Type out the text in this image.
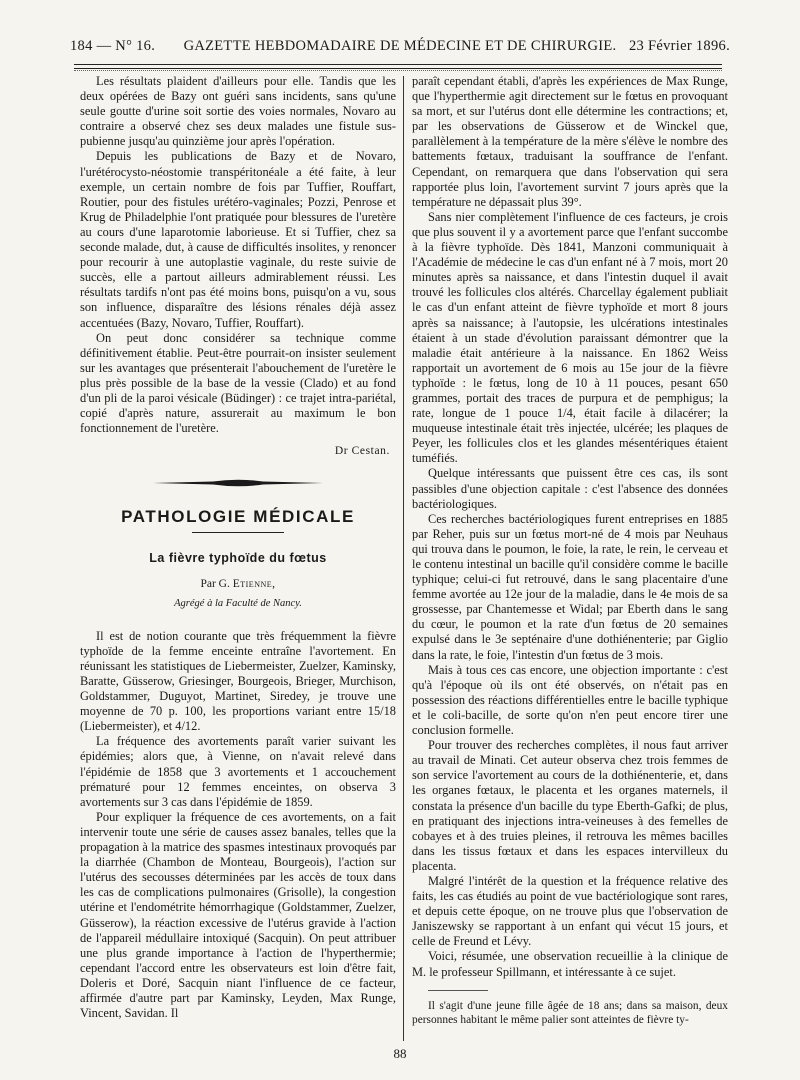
184 — N° 16.	GAZETTE HEBDOMADAIRE DE MÉDECINE ET DE CHIRURGIE. 23 Février 1896.

Les résultats plaident d'ailleurs pour elle. Tandis que les deux opérées de Bazy ont guéri sans incidents, sans qu'une seule goutte d'urine soit sortie des voies normales, Novaro au contraire a observé chez ses deux malades une fistule sus-pubienne jusqu'au quinzième jour après l'opération.

Depuis les publications de Bazy et de Novaro, l'urétérocysto-néostomie transpéritonéale a été faite, à leur exemple, un certain nombre de fois par Tuffier, Rouffart, Routier, pour des fistules urétéro-vaginales; Pozzi, Penrose et Krug de Philadelphie l'ont pratiquée pour blessures de l'uretère au cours d'une laparotomie laborieuse. Et si Tuffier, chez sa seconde malade, dut, à cause de difficultés insolites, y renoncer pour recourir à une autoplastie vaginale, du reste suivie de succès, elle a partout ailleurs admirablement réussi. Les résultats tardifs n'ont pas été moins bons, puisqu'on a vu, sous son influence, disparaître des lésions rénales déjà assez accentuées (Bazy, Novaro, Tuffier, Rouffart).

On peut donc considérer sa technique comme définitivement établie. Peut-être pourrait-on insister seulement sur les avantages que présenterait l'abouchement de l'uretère le plus près possible de la base de la vessie (Clado) et au fond d'un pli de la paroi vésicale (Büdinger) : ce trajet intra-pariétal, copié d'après nature, assurerait au maximum le bon fonctionnement de l'uretère.

Dr Cestan.

PATHOLOGIE MÉDICALE
La fièvre typhoïde du fœtus

Par G. Etienne,

Agrégé à la Faculté de Nancy.

Il est de notion courante que très fréquemment la fièvre typhoïde de la femme enceinte entraîne l'avortement. En réunissant les statistiques de Liebermeister, Zuelzer, Kaminsky, Baratte, Güsserow, Griesinger, Bourgeois, Brieger, Murchison, Goldstammer, Duguyot, Martinet, Siredey, je trouve une moyenne de 70 p. 100, les proportions variant entre 15/18 (Liebermeister), et 4/12.

La fréquence des avortements paraît varier suivant les épidémies; alors que, à Vienne, on n'avait relevé dans l'épidémie de 1858 que 3 avortements et 1 accouchement prématuré pour 12 femmes enceintes, on observa 3 avortements sur 3 cas dans l'épidémie de 1859.

Pour expliquer la fréquence de ces avortements, on a fait intervenir toute une série de causes assez banales, telles que la propagation à la matrice des spasmes intestinaux provoqués par la diarrhée (Chambon de Monteau, Bourgeois), l'action sur l'utérus des secousses déterminées par les accès de toux dans les cas de complications pulmonaires (Grisolle), la congestion utérine et l'endométrite hémorrhagique (Goldstammer, Zuelzer, Güsserow), la réaction excessive de l'utérus gravide à l'action de l'appareil médullaire intoxiqué (Sacquin). On peut attribuer une plus grande importance à l'action de l'hyperthermie; cependant l'accord entre les observateurs est loin d'être fait, Doleris et Doré, Sacquin niant l'influence de ce facteur, affirmée d'autre part par Kaminsky, Leyden, Max Runge, Vincent, Savidan. Il

paraît cependant établi, d'après les expériences de Max Runge, que l'hyperthermie agit directement sur le fœtus en provoquant sa mort, et sur l'utérus dont elle détermine les contractions; et, par les observations de Güsserow et de Winckel que, parallèlement à la température de la mère s'élève le nombre des battements fœtaux, traduisant la souffrance de l'enfant. Cependant, on remarquera que dans l'observation qui sera rapportée plus loin, l'avortement survint 7 jours après que la température ne dépassait plus 39°.

Sans nier complètement l'influence de ces facteurs, je crois que plus souvent il y a avortement parce que l'enfant succombe à la fièvre typhoïde. Dès 1841, Manzoni communiquait à l'Académie de médecine le cas d'un enfant né à 7 mois, mort 20 minutes après sa naissance, et dans l'intestin duquel il avait trouvé les follicules clos altérés. Charcellay également publiait le cas d'un enfant atteint de fièvre typhoïde et mort 8 jours après sa naissance; à l'autopsie, les ulcérations intestinales étaient à un stade d'évolution paraissant démontrer que la maladie était antérieure à la naissance. En 1862 Weiss rapportait un avortement de 6 mois au 15e jour de la fièvre typhoïde : le fœtus, long de 10 à 11 pouces, pesant 650 grammes, portait des traces de purpura et de pemphigus; la rate, longue de 1 pouce 1/4, était facile à dilacérer; la muqueuse intestinale était très injectée, ulcérée; les plaques de Peyer, les follicules clos et les glandes mésentériques étaient tuméfiés.

Quelque intéressants que puissent être ces cas, ils sont passibles d'une objection capitale : c'est l'absence des données bactériologiques.

Ces recherches bactériologiques furent entreprises en 1885 par Reher, puis sur un fœtus mort-né de 4 mois par Neuhaus qui trouva dans le poumon, le foie, la rate, le rein, le cerveau et le contenu intestinal un bacille qu'il considère comme le bacille typhique; celui-ci fut retrouvé, dans le sang placentaire d'une femme avortée au 12e jour de la maladie, dans le 4e mois de sa grossesse, par Chantemesse et Widal; par Eberth dans le sang du cœur, le poumon et la rate d'un fœtus de 20 semaines expulsé dans le 3e septénaire d'une dothiénenterie; par Giglio dans la rate, le foie, l'intestin d'un fœtus de 3 mois.

Mais à tous ces cas encore, une objection importante : c'est qu'à l'époque où ils ont été observés, on n'était pas en possession des réactions différentielles entre le bacille typhique et le coli-bacille, de sorte qu'on n'en peut encore tirer une conclusion formelle.

Pour trouver des recherches complètes, il nous faut arriver au travail de Minati. Cet auteur observa chez trois femmes de son service l'avortement au cours de la dothiénenterie, et, dans les organes fœtaux, le placenta et les organes maternels, il constata la présence d'un bacille du type Eberth-Gafki; de plus, en pratiquant des injections intra-veineuses à des femelles de cobayes et à des truies pleines, il retrouva les mêmes bacilles dans les tissus fœtaux et dans les espaces intervilleux du placenta.

Malgré l'intérêt de la question et la fréquence relative des faits, les cas étudiés au point de vue bactériologique sont rares, et depuis cette époque, on ne trouve plus que l'observation de Janiszewsky se rapportant à un enfant qui vécut 15 jours, et celle de Freund et Lévy.

Voici, résumée, une observation recueillie à la clinique de M. le professeur Spillmann, et intéressante à ce sujet.

Il s'agit d'une jeune fille âgée de 18 ans; dans sa maison, deux personnes habitant le même palier sont atteintes de fièvre ty-

88
